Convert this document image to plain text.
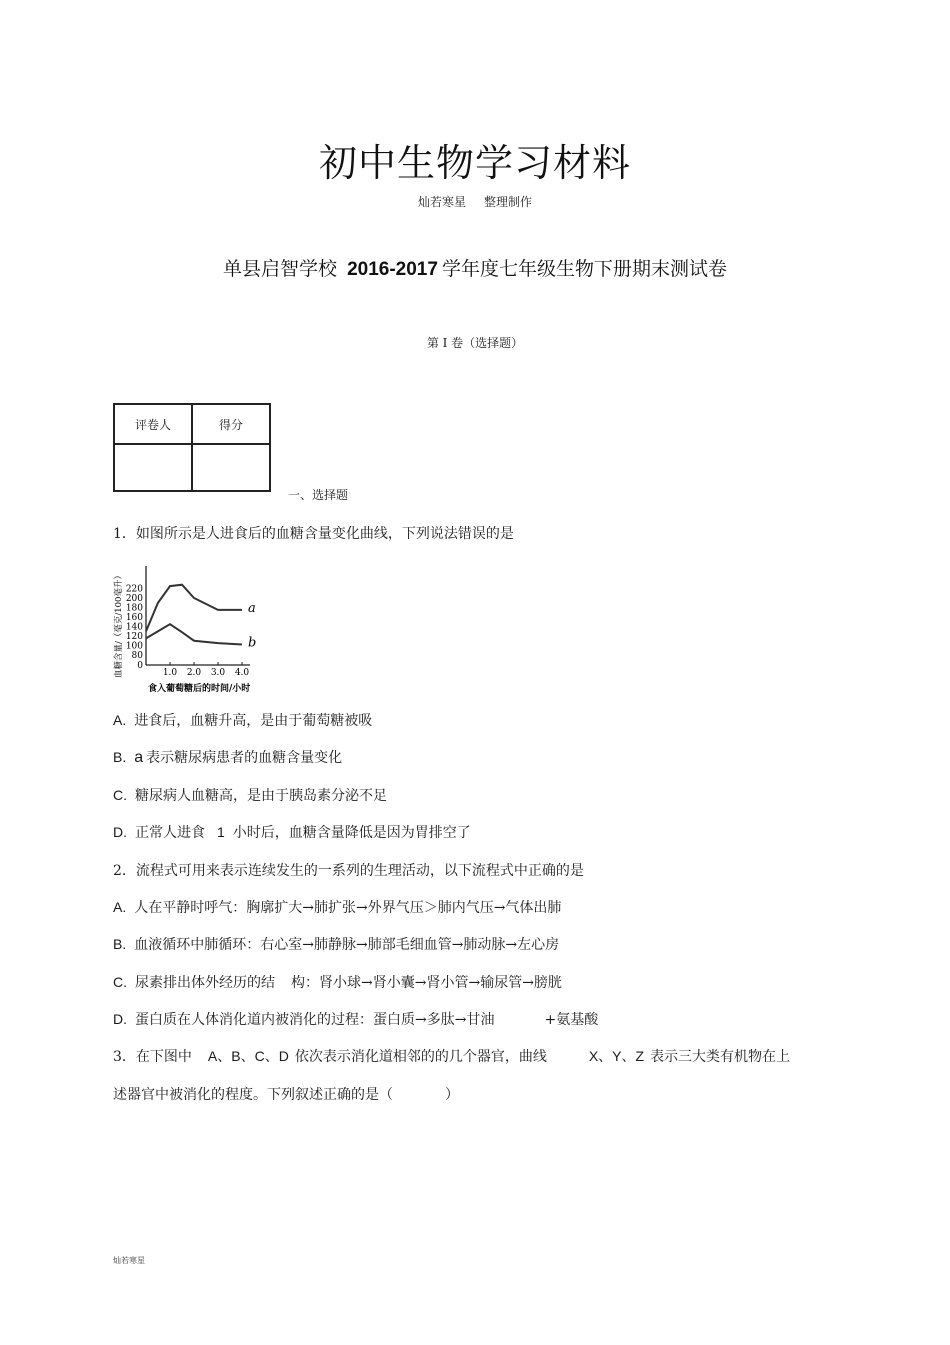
初中生物学习材料
灿若寒星 整理制作
单县启智学校 2016-2017 学年度七年级生物下册期末测试卷
第 I 卷（选择题）
评卷人	得分

一、选择题
1．如图所示是人进食后的血糖含量变化曲线，下列说法错误的是
a
b
0
80
100
120
140
160
180
200
220
1.0 2.0 3.0 4.0
血糖含量/（毫克/100毫升）
食入葡萄糖后的时间/小时
A. 进食后，血糖升高，是由于葡萄糖被吸
B. a 表示糖尿病患者的血糖含量变化
C. 糖尿病人血糖高，是由于胰岛素分泌不足
D. 正常人进食 1 小时后，血糖含量降低是因为胃排空了
2．流程式可用来表示连续发生的一系列的生理活动，以下流程式中正确的是
A. 人在平静时呼气：胸廓扩大→肺扩张→外界气压＞肺内气压→气体出肺
B. 血液循环中肺循环：右心室→肺静脉→肺部毛细血管→肺动脉→左心房
C. 尿素排出体外经历的结 构：肾小球→肾小囊→肾小管→输尿管→膀胱
D. 蛋白质在人体消化道内被消化的过程：蛋白质→多肽→甘油	+氨基酸
3．在下图中 A、B、C、D 依次表示消化道相邻的的几个器官，曲线	X、Y、Z 表示三大类有机物在上
述器官中被消化的程度。下列叙述正确的是（	）
灿若寒星
